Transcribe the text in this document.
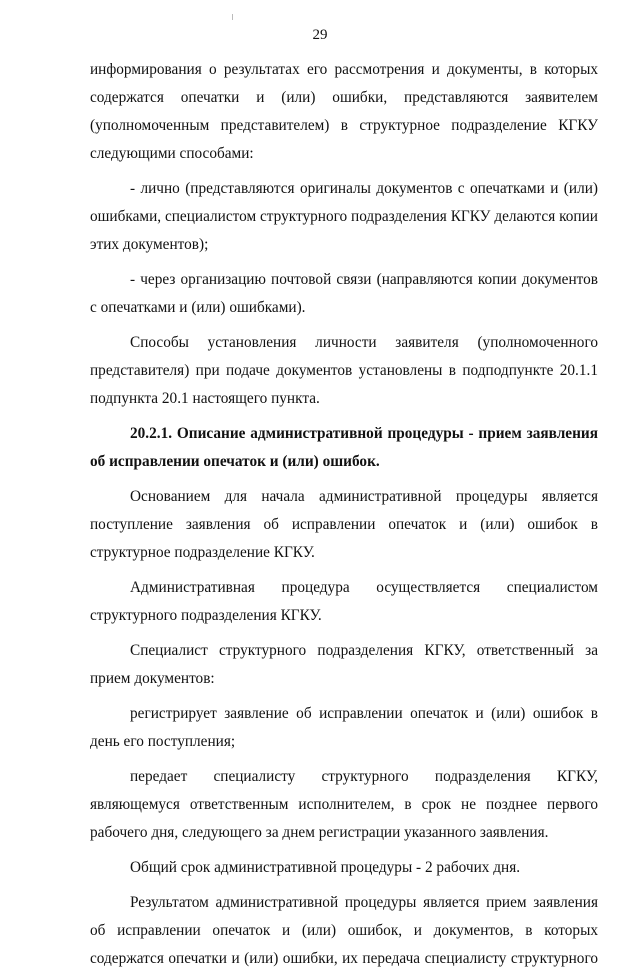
29

информирования о результатах его рассмотрения и документы, в которых содержатся опечатки и (или) ошибки, представляются заявителем (уполномоченным представителем) в структурное подразделение КГКУ следующими способами:

- лично (представляются оригиналы документов с опечатками и (или) ошибками, специалистом структурного подразделения КГКУ делаются копии этих документов);

- через организацию почтовой связи (направляются копии документов с опечатками и (или) ошибками).

Способы установления личности заявителя (уполномоченного представителя) при подаче документов установлены в подподпункте 20.1.1 подпункта 20.1 настоящего пункта.

20.2.1. Описание административной процедуры - прием заявления об исправлении опечаток и (или) ошибок.

Основанием для начала административной процедуры является поступление заявления об исправлении опечаток и (или) ошибок в структурное подразделение КГКУ.

Административная процедура осуществляется специалистом структурного подразделения КГКУ.

Специалист структурного подразделения КГКУ, ответственный за прием документов:

регистрирует заявление об исправлении опечаток и (или) ошибок в день его поступления;

передает специалисту структурного подразделения КГКУ, являющемуся ответственным исполнителем, в срок не позднее первого рабочего дня, следующего за днем регистрации указанного заявления.

Общий срок административной процедуры - 2 рабочих дня.

Результатом административной процедуры является прием заявления об исправлении опечаток и (или) ошибок, и документов, в которых содержатся опечатки и (или) ошибки, их передача специалисту структурного
